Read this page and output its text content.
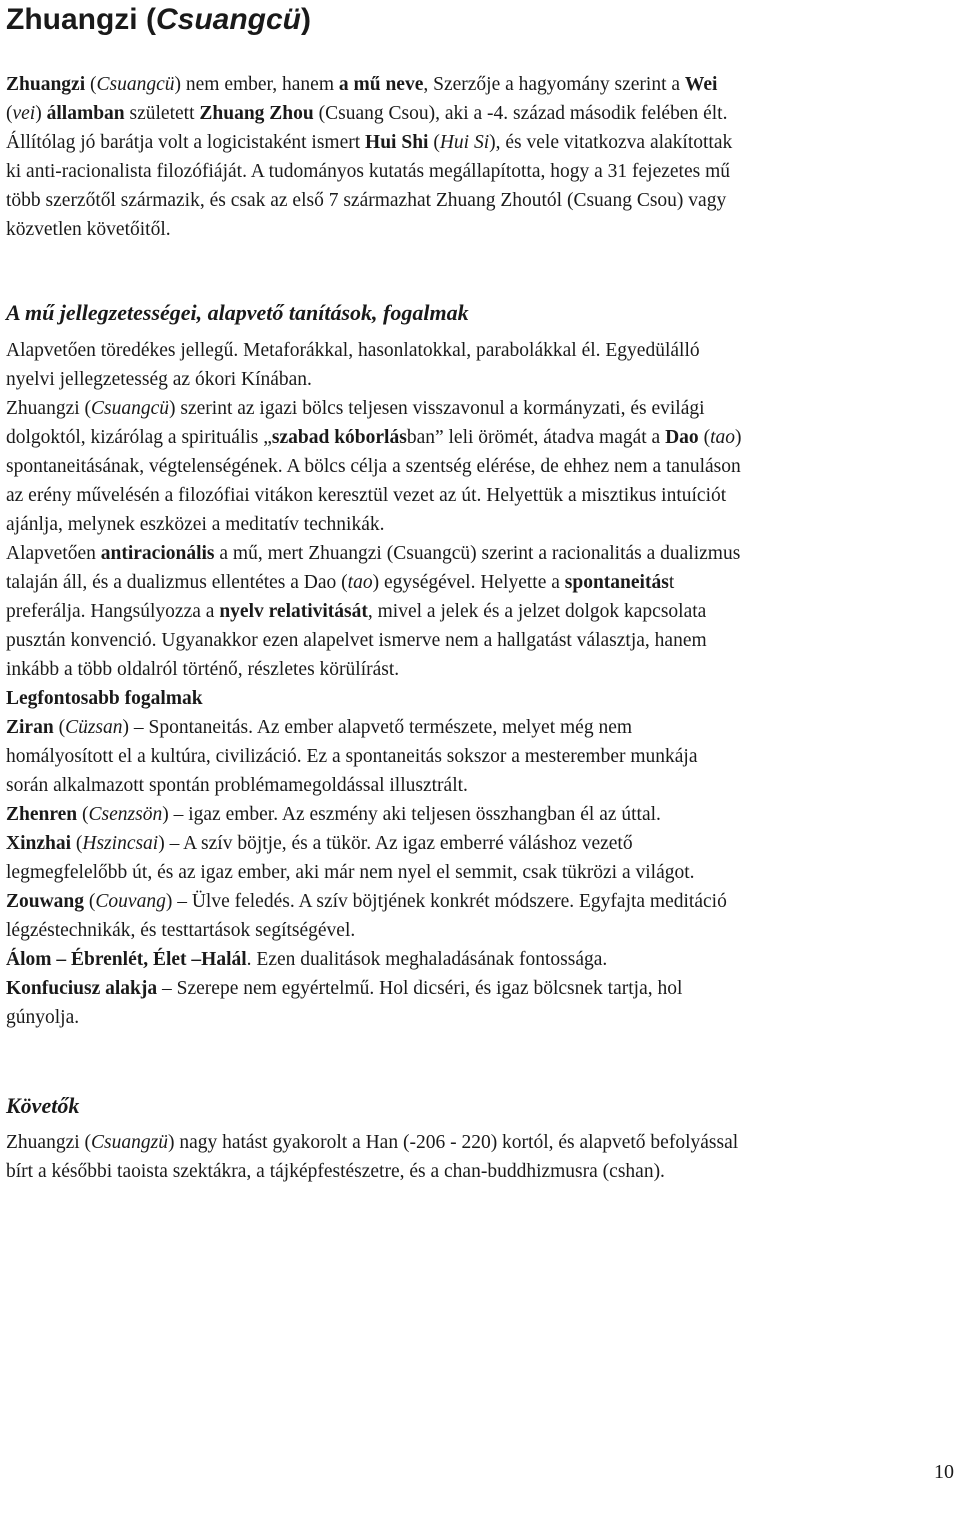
Zhuangzi (Csuangcü)
Zhuangzi (Csuangcü) nem ember, hanem a mű neve, Szerzője a hagyomány szerint a Wei
(vei) államban született Zhuang Zhou (Csuang Csou), aki a -4. század második felében élt.
Állítólag jó barátja volt a logicistaként ismert Hui Shi (Hui Si), és vele vitatkozva alakítottak
ki anti-racionalista filozófiáját. A tudományos kutatás megállapította, hogy a 31 fejezetes mű
több szerzőtől származik, és csak az első 7 származhat Zhuang Zhoutól (Csuang Csou) vagy
közvetlen követőitől.
A mű jellegzetességei, alapvető tanítások, fogalmak
Alapvetően töredékes jellegű. Metaforákkal, hasonlatokkal, parabolákkal él. Egyedülálló
nyelvi jellegzetesség az ókori Kínában.
Zhuangzi (Csuangcü) szerint az igazi bölcs teljesen visszavonul a kormányzati, és evilági
dolgoktól, kizárólag a spirituális „szabad kóborlásban” leli örömét, átadva magát a Dao (tao)
spontaneitásának, végtelenségének. A bölcs célja a szentség elérése, de ehhez nem a tanuláson
az erény művelésén a filozófiai vitákon keresztül vezet az út. Helyettük a misztikus intuíciót
ajánlja, melynek eszközei a meditatív technikák.
Alapvetően antiracionális a mű, mert Zhuangzi (Csuangcü) szerint a racionalitás a dualizmus
talaján áll, és a dualizmus ellentétes a Dao (tao) egységével. Helyette a spontaneitást
preferálja. Hangsúlyozza a nyelv relativitását, mivel a jelek és a jelzet dolgok kapcsolata
pusztán konvenció. Ugyanakkor ezen alapelvet ismerve nem a hallgatást választja, hanem
inkább a több oldalról történő, részletes körülírást.
Legfontosabb fogalmak
Ziran (Cüzsan) – Spontaneitás. Az ember alapvető természete, melyet még nem
homályosított el a kultúra, civilizáció. Ez a spontaneitás sokszor a mesterember munkája
során alkalmazott spontán problémamegoldással illusztrált.
Zhenren (Csenzsön) – igaz ember. Az eszmény aki teljesen összhangban él az úttal.
Xinzhai (Hszincsai) – A szív böjtje, és a tükör. Az igaz emberré váláshoz vezető
legmegfelelőbb út, és az igaz ember, aki már nem nyel el semmit, csak tükrözi a világot.
Zouwang (Couvang) – Ülve feledés. A szív böjtjének konkrét módszere. Egyfajta meditáció
légzéstechnikák, és testtartások segítségével.
Álom – Ébrenlét, Élet –Halál. Ezen dualitások meghaladásának fontossága.
Konfuciusz alakja – Szerepe nem egyértelmű. Hol dicséri, és igaz bölcsnek tartja, hol
gúnyolja.
Követők
Zhuangzi (Csuangzü) nagy hatást gyakorolt a Han (-206 - 220) kortól, és alapvető befolyással
bírt a későbbi taoista szektákra, a tájképfestészetre, és a chan-buddhizmusra (cshan).
10
